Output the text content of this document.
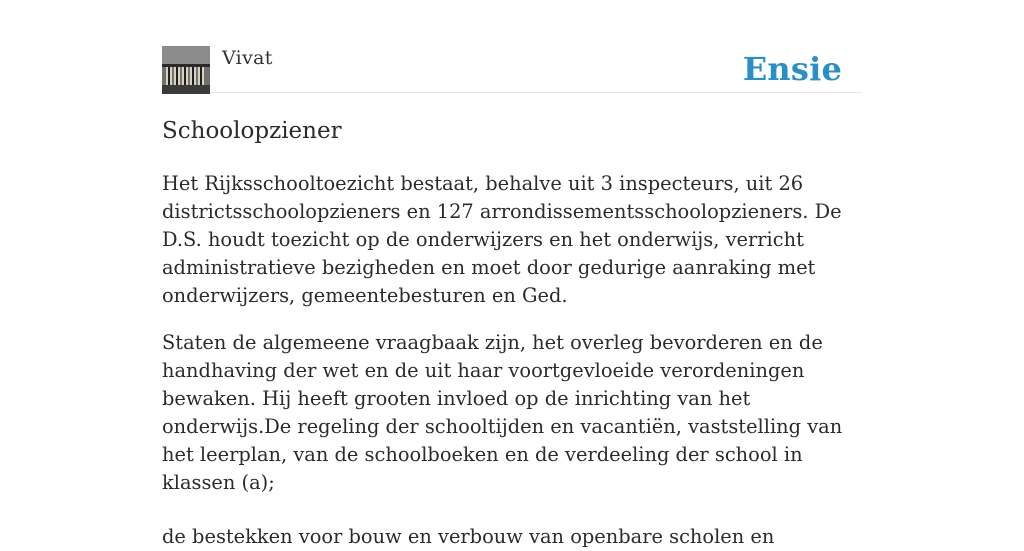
Vivat	Ensie
Schoolopziener

Het Rijksschooltoezicht bestaat, behalve uit 3 inspecteurs, uit 26 districtsschoolopzieners en 127 arrondissementsschoolopzieners. De D.S. houdt toezicht op de onderwijzers en het onderwijs, verricht administratieve bezigheden en moet door gedurige aanraking met onderwijzers, gemeentebesturen en Ged.

Staten de algemeene vraagbaak zijn, het overleg bevorderen en de handhaving der wet en de uit haar voortgevloeide verordeningen bewaken. Hij heeft grooten invloed op de inrichting van het onderwijs.De regeling der schooltijden en vacantiën, vaststelling van het leerplan, van de schoolboeken en de verdeeling der school in klassen (a);

de bestekken voor bouw en verbouw van openbare scholen en
